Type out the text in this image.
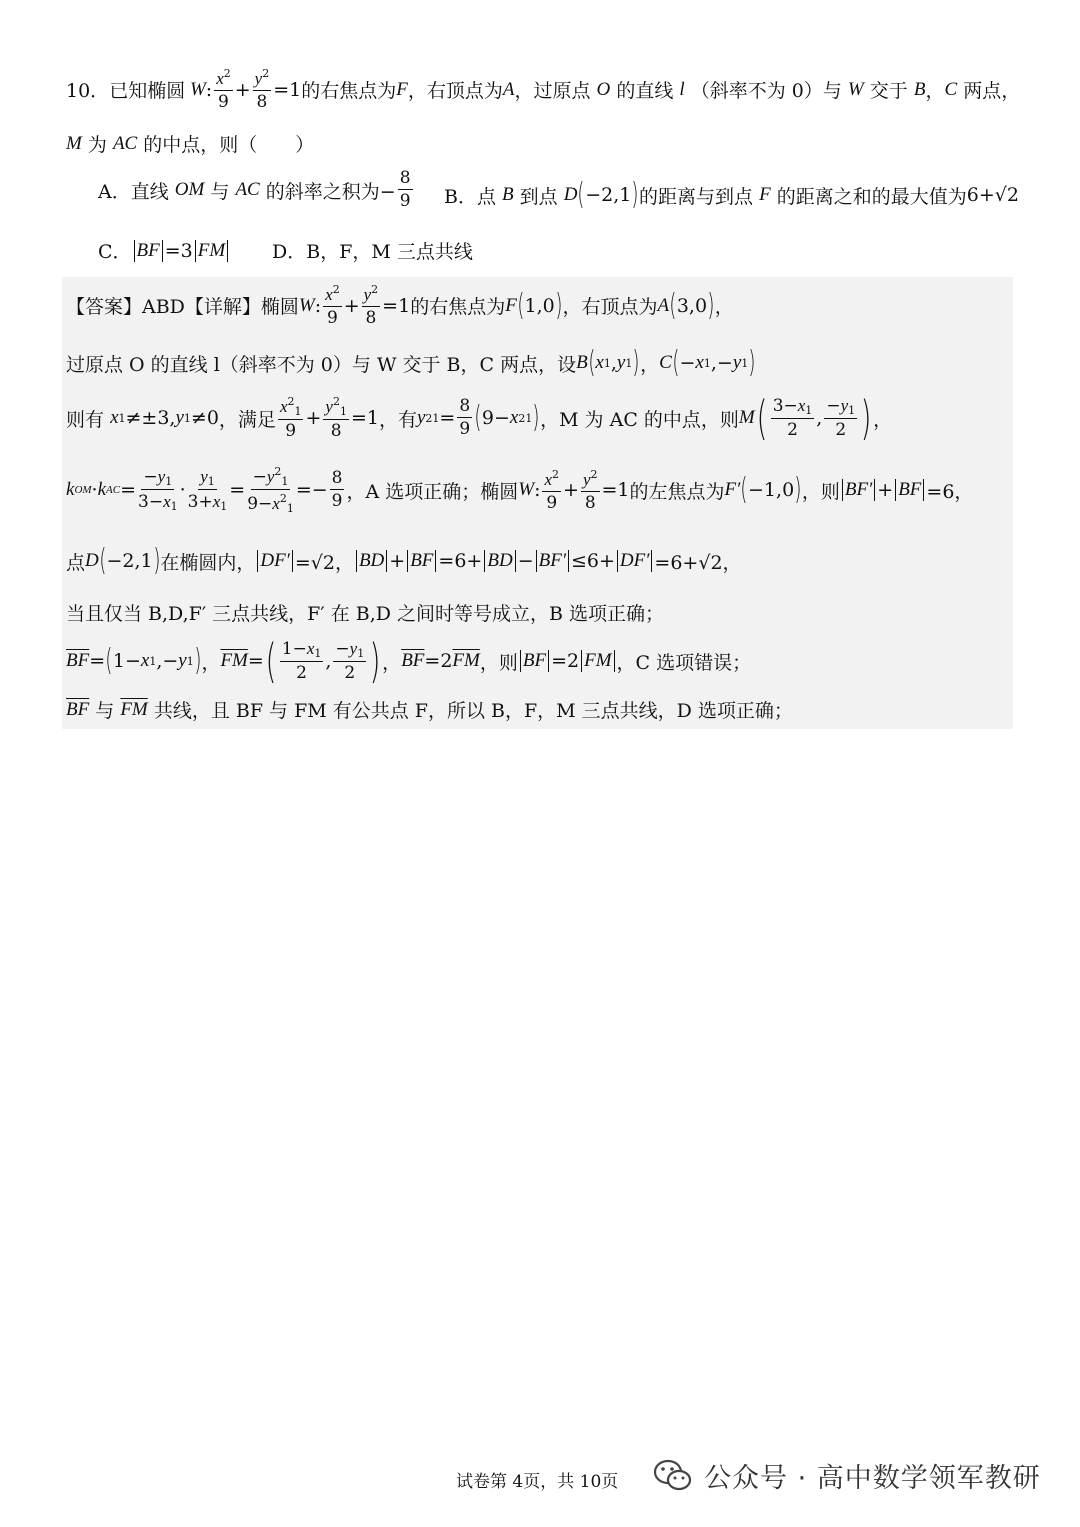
10． 已知椭圆 W : $\frac{x^2}{9} + \frac{y^2}{8} =1$ 的右焦点为 F ，右顶点为 A ，过原点
O
的直线
l
（斜率不为 0）与
W
交于
B ， C
两点，
M
为
AC
的中点，则（　　）
A．直线
OM
与
AC
的斜率之积为− $\frac{8}{9}$ B．点
B
到点
D ( −2,1 ) 的距离与到点
F
的距离之和的最大值为 6+√2
C． BF =3 FM D． B，F，M 三点共线
【答案】ABD【详解】椭圆 W : $\frac{x^2}{9} + \frac{y^2}{8} =1$ 的右焦点为 F ( 1,0 ) ，右顶点为 A ( 3,0 ) ，
过原点 O 的直线 l（斜率不为 0）与 W 交于 B，C 两点，设 B ( x 1 , y 1 ) ， C ( − x 1 ,− y 1 )
则有
x 1 ≠±3, y 1 ≠0 ，满足 $\frac{x^2_1}{9} + \frac{y^2_1}{8} =1$ ，有 y 2 $1 = \frac{8}{9}$ ( 9− x 2 1 ) ，M 为 AC 的中点，则 M ( $\frac{3-x_1}{2}$ , $\frac{-y_1}{2}$ ) ，
k OM · k AC = $\frac{-y_1}{3-x_1} \cdot \frac{y_1}{3+x_1} = \frac{-y^2_1}{9-x^2_1} =- \frac{8}{9}$ ，A 选项正确；椭圆 W : $\frac{x^2}{9} + \frac{y^2}{8} =1$ 的左焦点为 F′ ( −1,0 ) ，则 BF′ + BF =6，
点 D ( −2,1 ) 在椭圆内， DF′ =√2， BD + BF =6+ BD − BF′ ≤6+ DF′ =6+√2，
当且仅当 B,D,F′ 三点共线，F′ 在 B,D 之间时等号成立，B 选项正确；
$\overline{BF}$ = ( 1− x 1 ,− y 1 ) ， $\overline{FM}$ = ( $\frac{1-x_1}{2}$ , $\frac{-y_1}{2}$ ) ， $\overline{BF} =2$ $\overline{FM}$ ，则 BF =2 FM ，C 选项错误；
$\overline{BF}$
与
$\overline{FM}$
共线，且 BF 与 FM 有公共点 F，所以 B，F，M 三点共线，D 选项正确；
试卷第 4页，共 10页	公众号 · 高中数学领军教研
